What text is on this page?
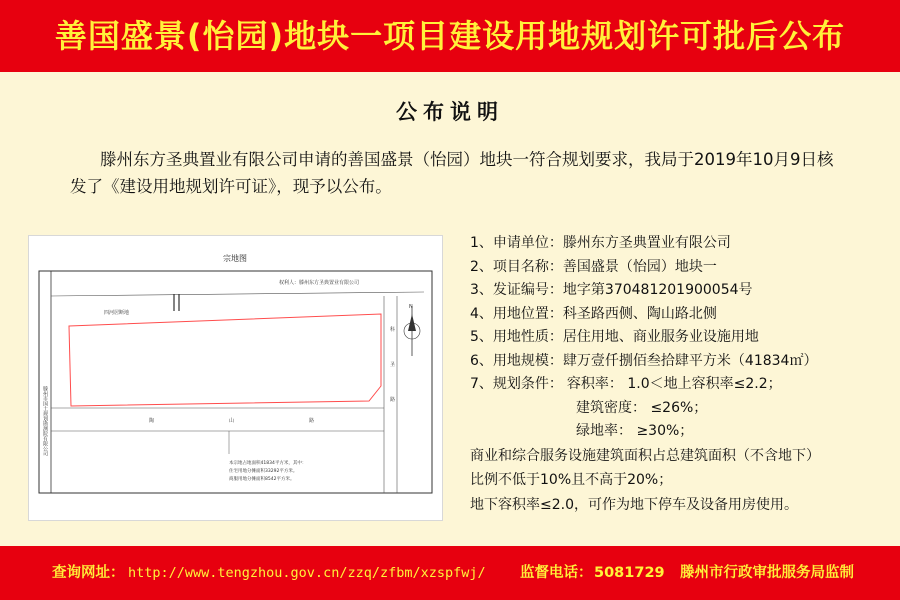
善国盛景(怡园)地块一项目建设用地规划许可批后公布
公布说明

滕州东方圣典置业有限公司申请的善国盛景（怡园）地块一符合规划要求，我局于2019年10月9日核发了《建设用地规划许可证》，现予以公布。

宗地图
权利人：滕州东方圣典置业有限公司
滕州市国土规划勘测院有限公司
四河居断地
科
圣
路
陶	山	路
N
本宗地占地面积41834平方米，其中：
住宅用地分摊面积33292平方米。
商服用地分摊面积8542平方米。
1、申请单位： 滕州东方圣典置业有限公司
2、项目名称： 善国盛景（怡园）地块一
3、发证编号： 地字第370481201900054号
4、用地位置： 科圣路西侧、陶山路北侧
5、用地性质： 居住用地、商业服务业设施用地
6、用地规模： 肆万壹仟捌佰叁拾肆平方米（41834㎡）
7、规划条件： 容积率： 1.0＜地上容积率≤2.2；
建筑密度： ≤26%；
绿地率： ≥30%；
商业和综合服务设施建筑面积占总建筑面积（不含地下）
比例不低于10%且不高于20%；
地下容积率≤2.0，可作为地下停车及设备用房使用。
查询网址： http://www.tengzhou.gov.cn/zzq/zfbm/xzspfwj/ 监督电话： 5081729 滕州市行政审批服务局监制
